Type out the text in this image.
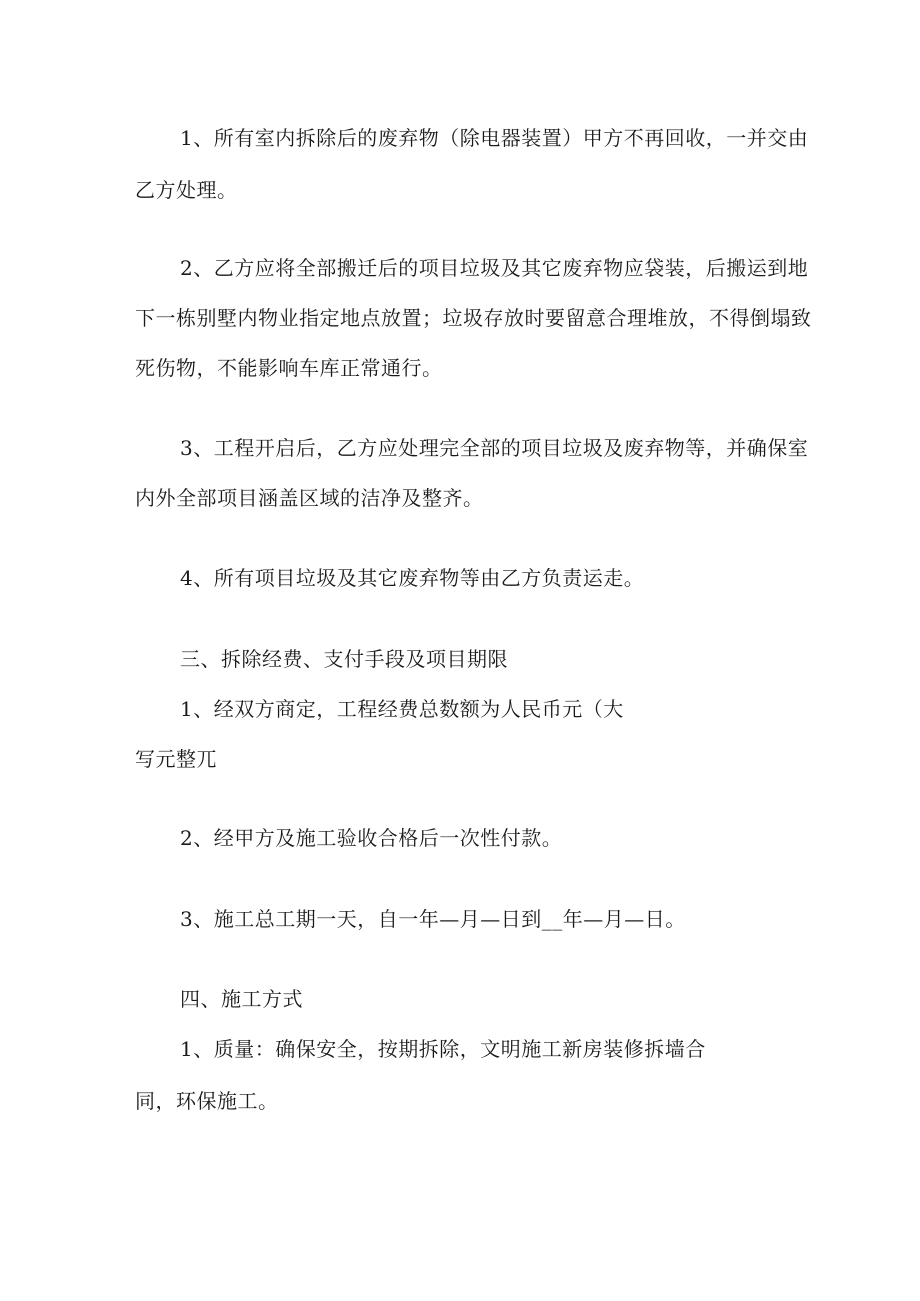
1、所有室内拆除后的废弃物（除电器装置）甲方不再回收，一并交由
乙方处理。
2、乙方应将全部搬迁后的项目垃圾及其它废弃物应袋装，后搬运到地
下一栋别墅内物业指定地点放置；垃圾存放时要留意合理堆放，不得倒塌致
死伤物，不能影响车库正常通行。
3、工程开启后，乙方应处理完全部的项目垃圾及废弃物等，并确保室
内外全部项目涵盖区域的洁净及整齐。
4、所有项目垃圾及其它废弃物等由乙方负责运走。
三、拆除经费、支付手段及项目期限
1、经双方商定，工程经费总数额为人民币元（大
写元整兀
2、经甲方及施工验收合格后一次性付款。
3、施工总工期一天，自一年—月—日到__年—月—日。
四、施工方式
1、质量：确保安全，按期拆除，文明施工新房装修拆墙合
同，环保施工。
